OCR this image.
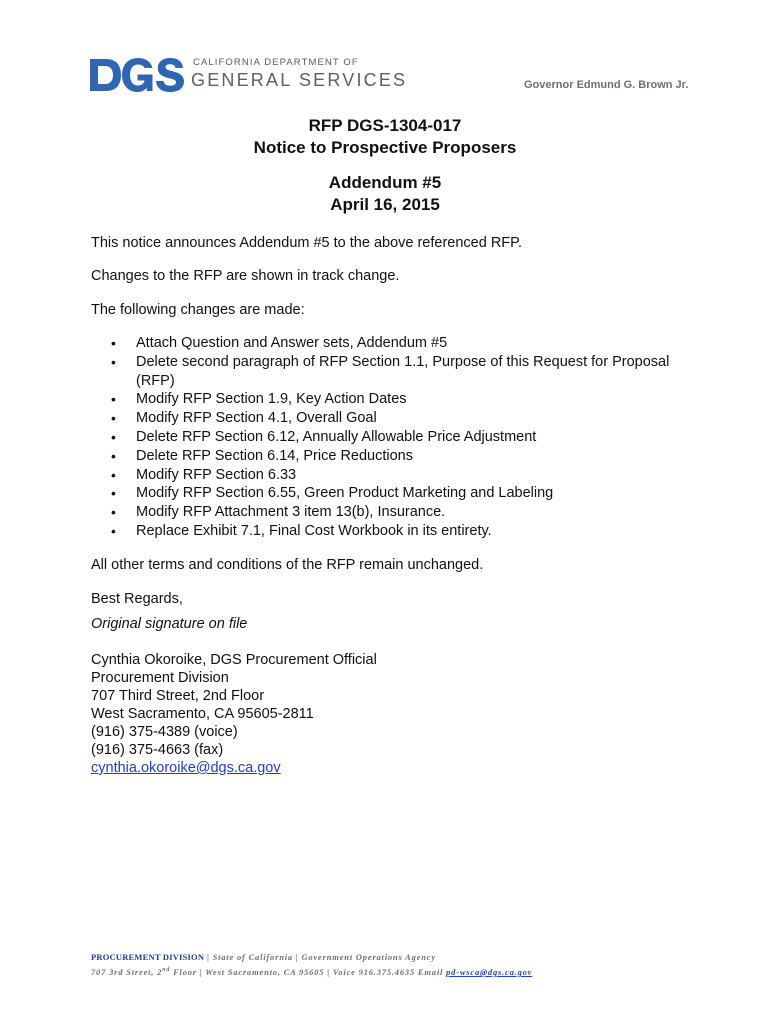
CALIFORNIA DEPARTMENT OF
GENERAL SERVICES	Governor Edmund G. Brown Jr.
RFP DGS-1304-017
Notice to Prospective Proposers
Addendum #5
April 16, 2015
This notice announces Addendum #5 to the above referenced RFP.
Changes to the RFP are shown in track change.
The following changes are made:
• Attach Question and Answer sets, Addendum #5
• Delete second paragraph of RFP Section 1.1, Purpose of this Request for Proposal (RFP)
• Modify RFP Section 1.9, Key Action Dates
• Modify RFP Section 4.1, Overall Goal
• Delete RFP Section 6.12, Annually Allowable Price Adjustment
• Delete RFP Section 6.14, Price Reductions
• Modify RFP Section 6.33
• Modify RFP Section 6.55, Green Product Marketing and Labeling
• Modify RFP Attachment 3 item 13(b), Insurance.
• Replace Exhibit 7.1, Final Cost Workbook in its entirety.
All other terms and conditions of the RFP remain unchanged.
Best Regards,
Original signature on file
Cynthia Okoroike, DGS Procurement Official
Procurement Division
707 Third Street, 2nd Floor
West Sacramento, CA 95605-2811
(916) 375-4389 (voice)
(916) 375-4663 (fax)
cynthia.okoroike@dgs.ca.gov
PROCUREMENT DIVISION | State of California | Government Operations Agency
707 3rd Street, 2nd Floor | West Sacramento, CA 95605 | Voice 916.375.4635 Email pd-wsca@dgs.ca.gov
